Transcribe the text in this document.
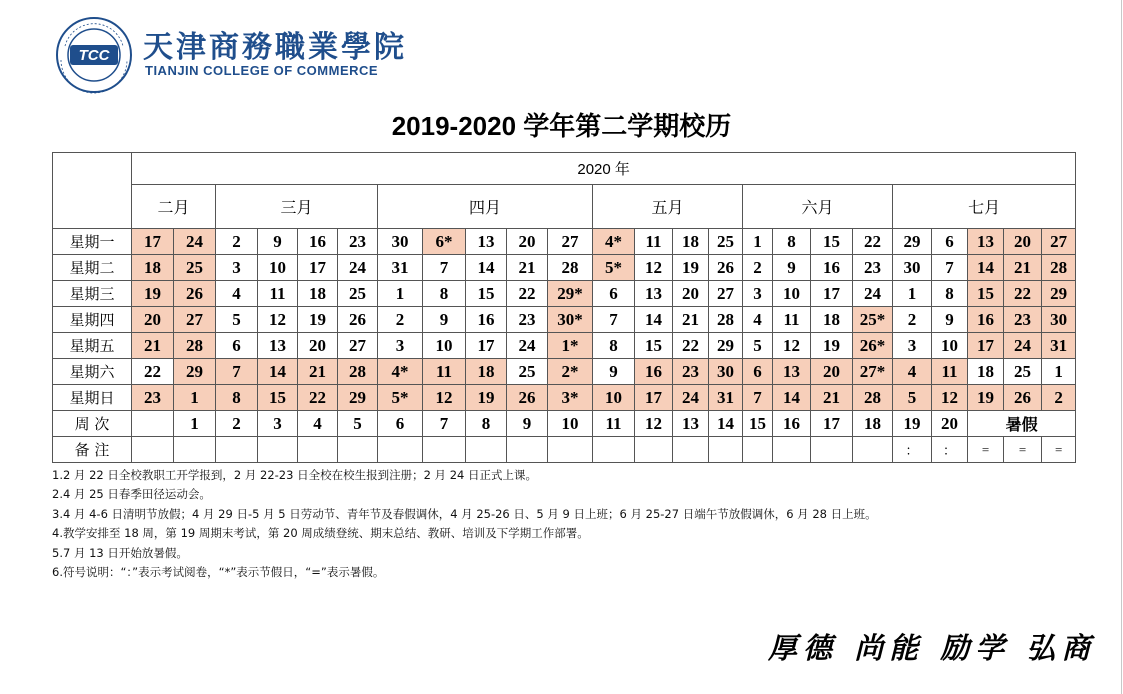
TCC 天津商務職業學院
TIANJIN COLLEGE OF COMMERCE
2019-2020 学年第二学期校历
	2020 年																							
	二月		三月				四月					五月				六月				七月				
星期一	17	24	2	9	16	23	30	6*	13	20	27	4*	11	18	25	1	8	15	22	29	6	13	20	27
星期二	18	25	3	10	17	24	31	7	14	21	28	5*	12	19	26	2	9	16	23	30	7	14	21	28
星期三	19	26	4	11	18	25	1	8	15	22	29*	6	13	20	27	3	10	17	24	1	8	15	22	29
星期四	20	27	5	12	19	26	2	9	16	23	30*	7	14	21	28	4	11	18	25*	2	9	16	23	30
星期五	21	28	6	13	20	27	3	10	17	24	1*	8	15	22	29	5	12	19	26*	3	10	17	24	31
星期六	22	29	7	14	21	28	4*	11	18	25	2*	9	16	23	30	6	13	20	27*	4	11	18	25	1
星期日	23	1	8	15	22	29	5*	12	19	26	3*	10	17	24	31	7	14	21	28	5	12	19	26	2
周 次		1	2	3	4	5	6	7	8	9	10	11	12	13	14	15	16	17	18	19	20	暑假		
备 注																				：	：	=	=	=
1.2 月 22 日全校教职工开学报到，2 月 22-23 日全校在校生报到注册；2 月 24 日正式上课。
2.4 月 25 日春季田径运动会。
3.4 月 4-6 日清明节放假；4 月 29 日-5 月 5 日劳动节、青年节及春假调休，4 月 25-26 日、5 月 9 日上班；6 月 25-27 日端午节放假调休，6 月 28 日上班。
4.教学安排至 18 周，第 19 周期末考试，第 20 周成绩登统、期末总结、教研、培训及下学期工作部署。
5.7 月 13 日开始放暑假。
6.符号说明：“：”表示考试阅卷，“*”表示节假日，“=”表示暑假。
厚德 尚能 励学 弘商
